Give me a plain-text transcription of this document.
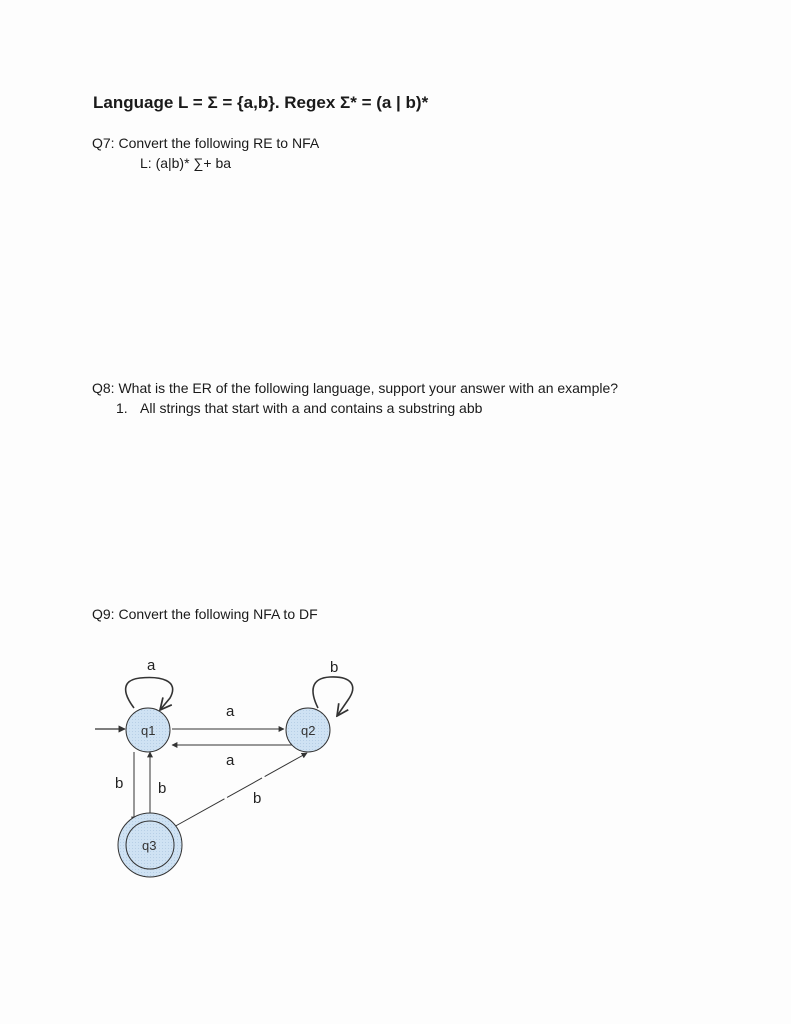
Language L = Σ = {a,b}. Regex Σ* = (a | b)*
Q7: Convert the following RE to NFA
L: (a|b)* ∑+ ba
Q8: What is the ER of the following language, support your answer with an example?
1. All strings that start with a and contains a substring abb
Q9: Convert the following NFA to DF
a	b
a
a
b b
b
q1	q2
q3
